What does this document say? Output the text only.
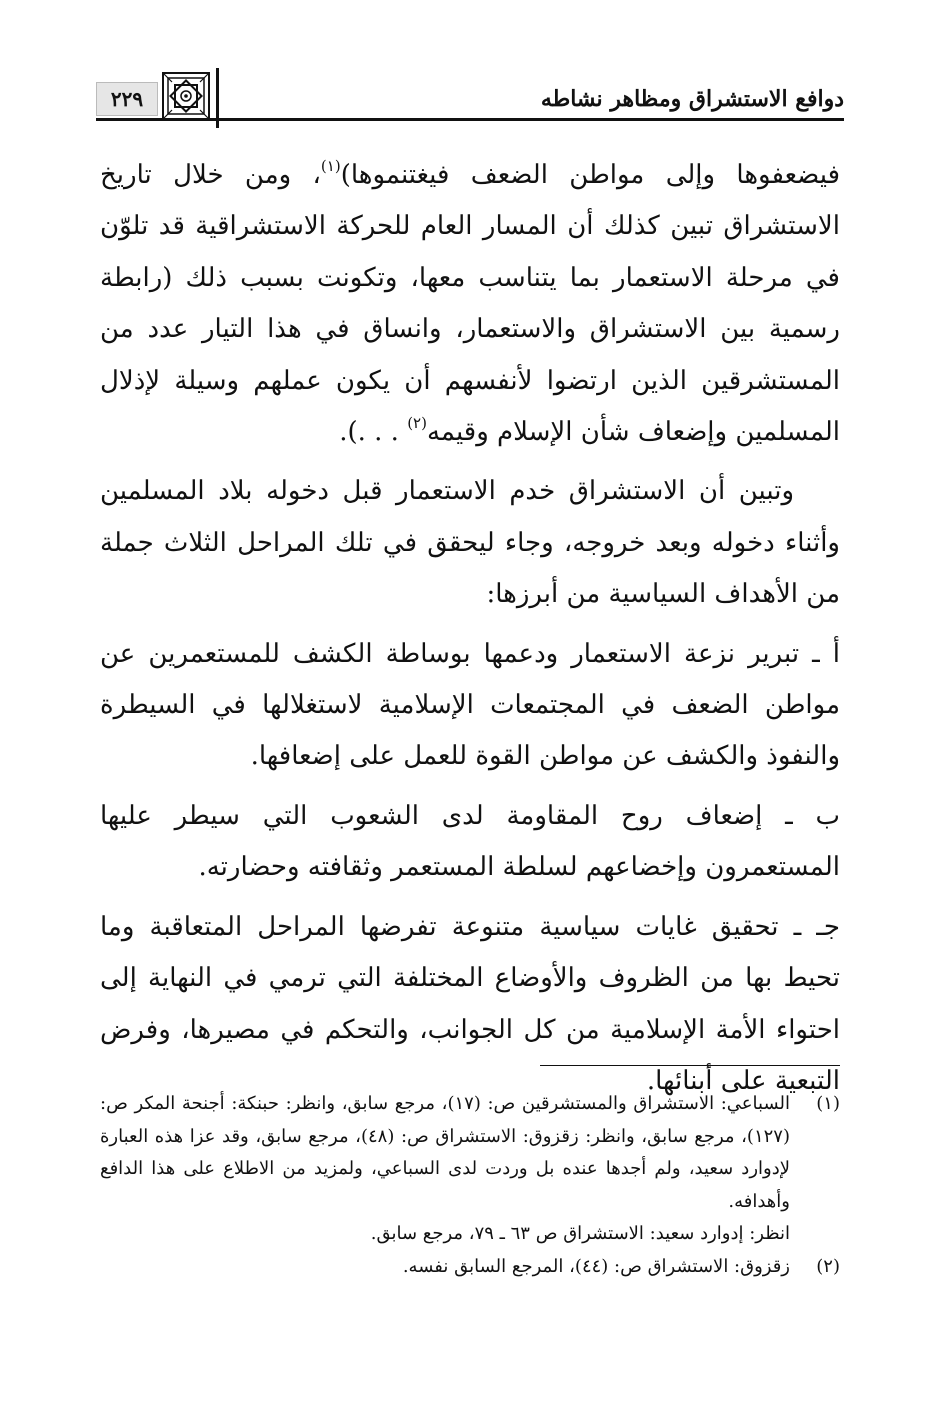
دوافع الاستشراق ومظاهر نشاطه
٢٢٩

فيضعفوها وإلى مواطن الضعف فيغتنموها)$^{(١)}$، ومن خلال تاريخ الاستشراق تبين كذلك أن المسار العام للحركة الاستشراقية قد تلوّن في مرحلة الاستعمار بما يتناسب معها، وتكونت بسبب ذلك (رابطة رسمية بين الاستشراق والاستعمار، وانساق في هذا التيار عدد من المستشرقين الذين ارتضوا لأنفسهم أن يكون عملهم وسيلة لإذلال المسلمين وإضعاف شأن الإسلام وقيمه$^{(٢)}$ . . .).

وتبين أن الاستشراق خدم الاستعمار قبل دخوله بلاد المسلمين وأثناء دخوله وبعد خروجه، وجاء ليحقق في تلك المراحل الثلاث جملة من الأهداف السياسية من أبرزها:

أ ـ تبرير نزعة الاستعمار ودعمها بوساطة الكشف للمستعمرين عن مواطن الضعف في المجتمعات الإسلامية لاستغلالها في السيطرة والنفوذ والكشف عن مواطن القوة للعمل على إضعافها.

ب ـ إضعاف روح المقاومة لدى الشعوب التي سيطر عليها المستعمرون وإخضاعهم لسلطة المستعمر وثقافته وحضارته.

جـ ـ تحقيق غايات سياسية متنوعة تفرضها المراحل المتعاقبة وما تحيط بها من الظروف والأوضاع المختلفة التي ترمي في النهاية إلى احتواء الأمة الإسلامية من كل الجوانب، والتحكم في مصيرها، وفرض التبعية على أبنائها.

(١)
السباعي: الاستشراق والمستشرقين ص: (١٧)، مرجع سابق، وانظر: حبنكة: أجنحة المكر ص: (١٢٧)، مرجع سابق، وانظر: زقزوق: الاستشراق ص: (٤٨)، مرجع سابق، وقد عزا هذه العبارة لإدوارد سعيد، ولم أجدها عنده بل وردت لدى السباعي، ولمزيد من الاطلاع على هذا الدافع وأهدافه.
انظر: إدوارد سعيد: الاستشراق ص ٦٣ ـ ٧٩، مرجع سابق.
(٢)
زقزوق: الاستشراق ص: (٤٤)، المرجع السابق نفسه.
